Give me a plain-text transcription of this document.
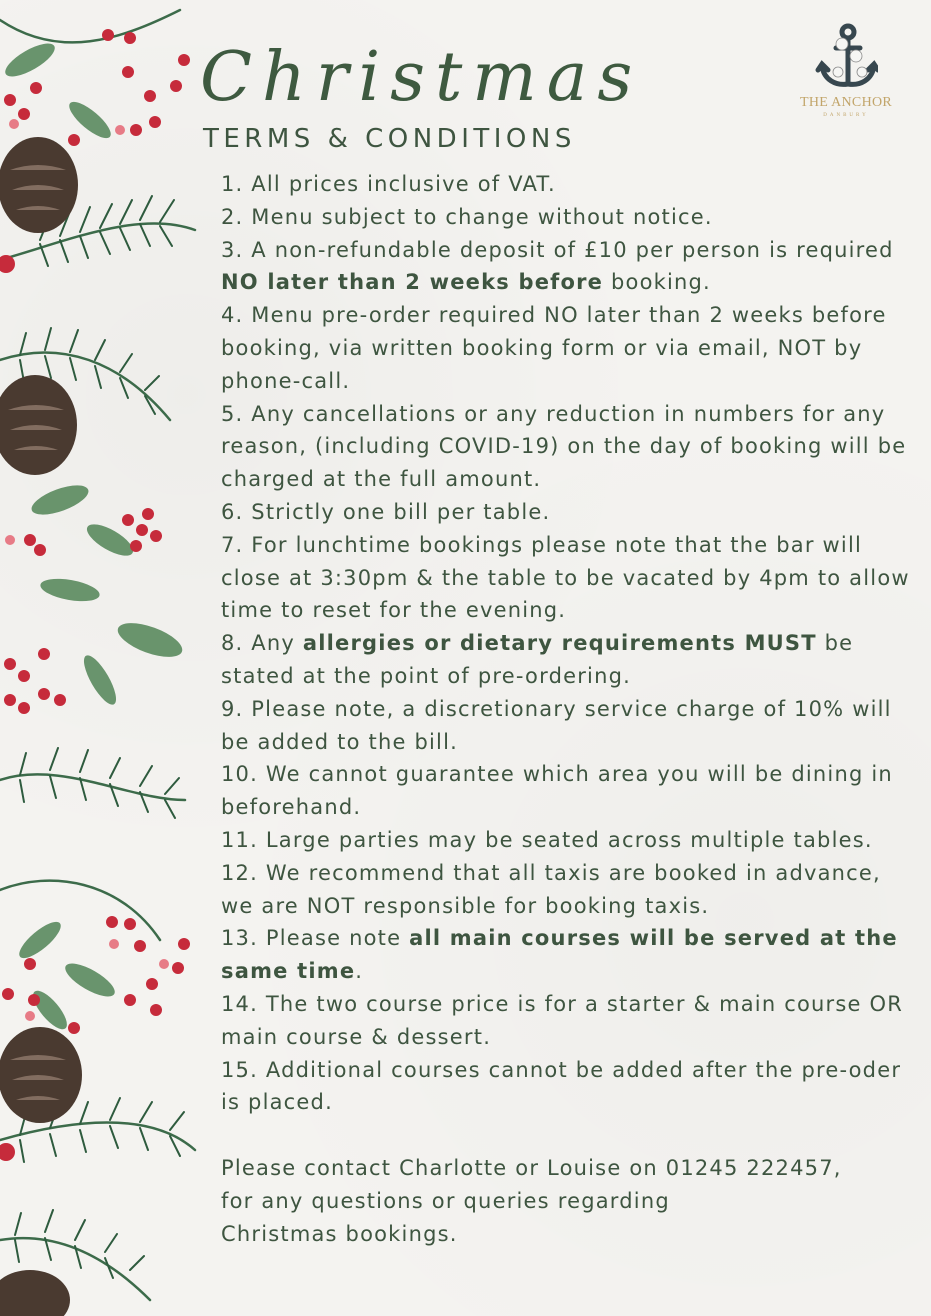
THE ANCHOR
DANBURY
Christmas
TERMS & CONDITIONS
1. All prices inclusive of VAT.
2. Menu subject to change without notice.
3. A non-refundable deposit of £10 per person is required NO later than 2 weeks before booking.
4. Menu pre-order required NO later than 2 weeks before booking, via written booking form or via email, NOT by phone-call.
5. Any cancellations or any reduction in numbers for any reason, (including COVID-19) on the day of booking will be charged at the full amount.
6. Strictly one bill per table.
7. For lunchtime bookings please note that the bar will close at 3:30pm & the table to be vacated by 4pm to allow time to reset for the evening.
8. Any allergies or dietary requirements MUST be stated at the point of pre-ordering.
9. Please note, a discretionary service charge of 10% will be added to the bill.
10. We cannot guarantee which area you will be dining in beforehand.
11. Large parties may be seated across multiple tables.
12. We recommend that all taxis are booked in advance, we are NOT responsible for booking taxis.
13. Please note all main courses will be served at the same time.
14. The two course price is for a starter & main course OR main course & dessert.
15. Additional courses cannot be added after the pre-oder is placed.
Please contact Charlotte or Louise on 01245 222457,
for any questions or queries regarding
Christmas bookings.
